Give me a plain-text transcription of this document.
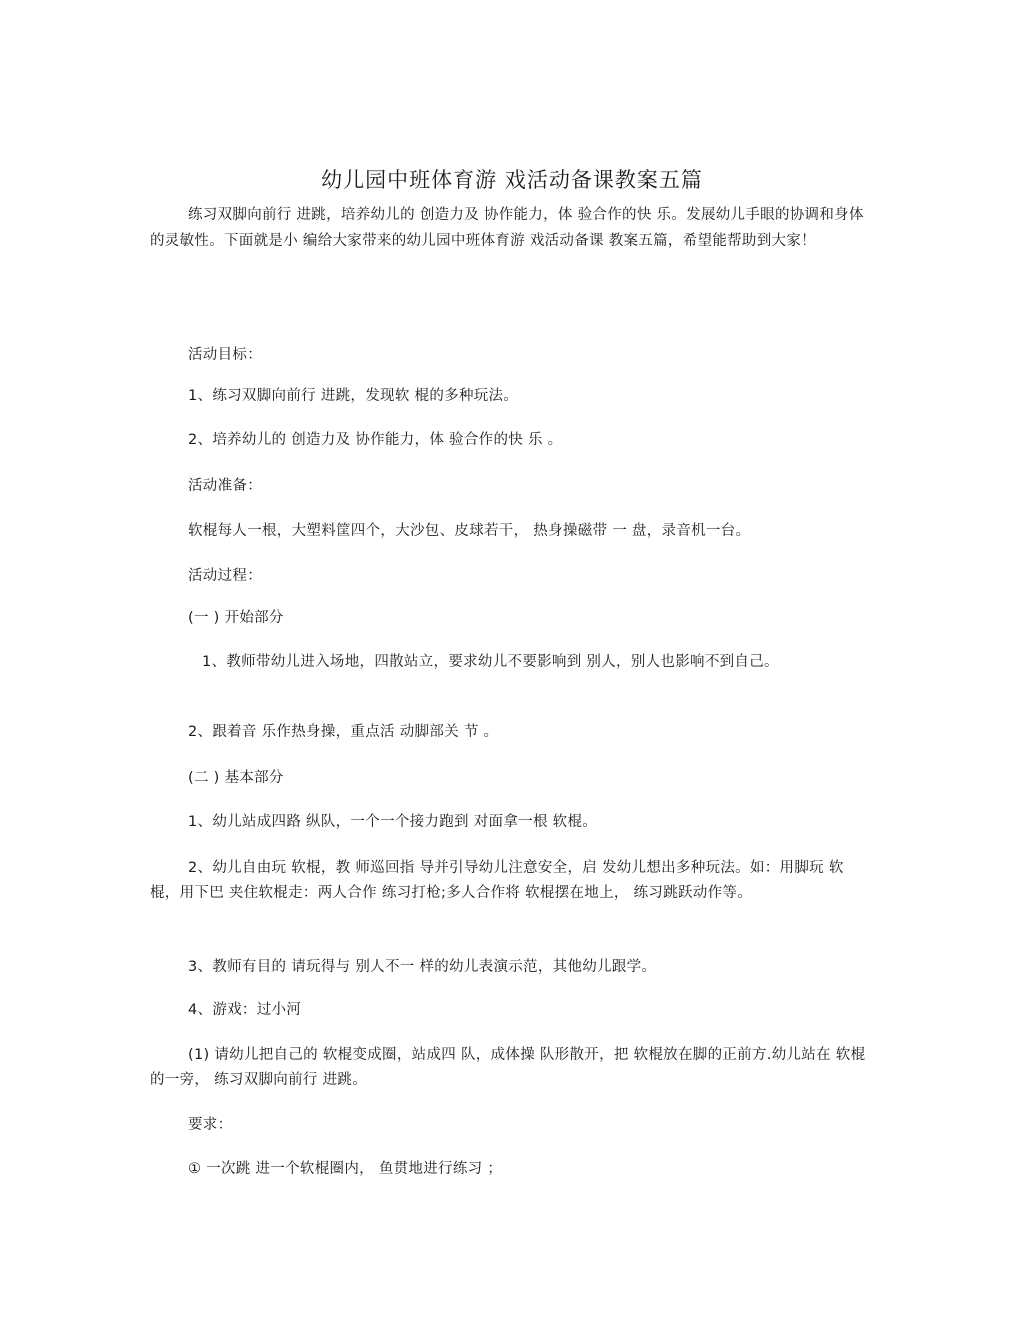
幼儿园中班体育游 戏活动备课教案五篇
练习双脚向前行 进跳，培养幼儿的 创造力及 协作能力，体 验合作的快 乐。发展幼儿手眼的协调和身体的灵敏性。下面就是小 编给大家带来的幼儿园中班体育游 戏活动备课 教案五篇，希望能帮助到大家！
活动目标：
1、练习双脚向前行 进跳，发现软 棍的多种玩法。
2、培养幼儿的 创造力及 协作能力，体 验合作的快 乐 。
活动准备：
软棍每人一根，大塑料筐四个，大沙包、皮球若干， 热身操磁带 一 盘，录音机一台。
活动过程：
(一 ) 开始部分
1、教师带幼儿进入场地，四散站立，要求幼儿不要影响到 别人，别人也影响不到自己。
2、跟着音 乐作热身操，重点活 动脚部关 节 。
(二 ) 基本部分
1、幼儿站成四路 纵队，一个一个接力跑到 对面拿一根 软棍。
2、幼儿自由玩 软棍，教 师巡回指 导并引导幼儿注意安全，启 发幼儿想出多种玩法。如：用脚玩 软棍，用下巴 夹住软棍走：两人合作 练习打枪;多人合作将 软棍摆在地上， 练习跳跃动作等。
3、教师有目的 请玩得与 别人不一 样的幼儿表演示范，其他幼儿跟学。
4、游戏：过小河
(1) 请幼儿把自己的 软棍变成圈，站成四 队，成体操 队形散开，把 软棍放在脚的正前方.幼儿站在 软棍的一旁， 练习双脚向前行 进跳。
要求：
① 一次跳 进一个软棍圈内， 鱼贯地进行练习 ；
